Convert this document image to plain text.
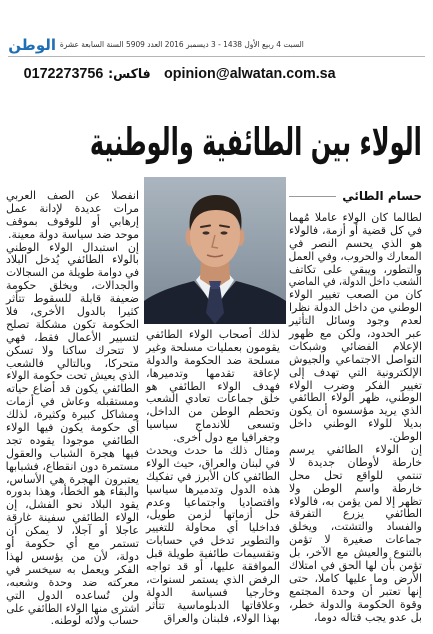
الوطن السبت 4 ربيع الأول 1438 - 3 ديسمبر 2016 العدد 5909 السنة السابعة عشرة
opinion@alwatan.com.saفاكس:0172273756
الولاء بين الطائفية والوطنية
حسام الطائي
لطالما كان الولاء عاملا مُهما
في كل قضية أو أزمة، فالولاء
هو الذي يحسم النصر في
المعارك والحروب، وفي العمل
والتطور، ويبقي على تكاتف
الشعب داخل الدولة، في الماضي
كان من الصعب تغيير الولاء
الوطني من داخل الدولة نظرا
لعدم وجود وسائل التأثير
عبر الحدود، ولكن مع ظهور
الإعلام الفضائي وشبكات
التواصل الاجتماعي والجيوش
الإلكترونية التي تهدف إلى
تغيير الفكر وضرب الولاء
الوطني، ظهر الولاء الطائفي
الذي يريد مؤسسوه أن يكون
بديلا للولاء الوطني داخل
الوطن.
إن الولاء الطائفي يرسم
خارطة لأوطان جديدة لا
تنتمي للواقع تحل محل
خارطة واسم الوطن ولا
تظهر إلا لمن يؤمن به، فالولاء
الطائفي يزرع التفرقة
والفساد والتشتت، ويخلق
جماعات صغيرة لا تؤمن
بالتنوع والعيش مع الآخر، بل
تؤمن بأن لها الحق في امتلاك
الأرض وما عليها كاملا، حتى
إنها تعتبر أن وحدة المجتمع
وقوة الحكومة والدولة خطر،
بل عدو يجب قتاله دوما،
لذلك أصحاب الولاء الطائفي
يقومون بعمليات مسلحة وغير
مسلحة ضد الحكومة والدولة
لإعاقة تقدمها وتدميرها،
فهدف الولاء الطائفي هو
خلق جماعات تعادي الشعب
وتحطم الوطن من الداخل،
وتسعى للاندماج سياسيا
وجغرافيا مع دول أخرى.
ومثال ذلك ما حدث ويحدث
في لبنان والعراق، حيث الولاء
الطائفي كان الأبرز في تفكيك
هذه الدول وتدميرها سياسيا
واقتصاديا واجتماعيا وعدم
حل أزماتها لزمن طويل،
فداخليا أي محاولة للتغيير
والتطوير تدخل في حسابات
وتقسيمات طائفية طويلة قبل
الموافقة عليها، أو قد تواجه
الرفض الذي يستمر لسنوات،
وخارجيا فسياسة الدولة
وعلاقاتها الدبلوماسية تتأثر
بهذا الولاء، فلبنان والعراق
انفصلا عن الصف العربي
مرات عديدة لإدانة عمل
إرهابي أو للوقوف بموقف
موحد ضد سياسة دولة معينة.
إن استبدال الولاء الوطني
بالولاء الطائفي يُدخل البلاد
في دوامة طويلة من السجالات
والجدالات، ويخلق حكومة
ضعيفة قابلة للسقوط تتأثر
كثيرا بالدول الأخرى، فلا
الحكومة تكون مشكلة تصلح
لتسيير الأعمال فقط، فهي
لا تتحرك ساكنا ولا تسكن
متحركا، وبالتالي فالشعب
الذي يعيش تحت حكومة الولاء
الطائفي يكون قد أضاع حياته
ومستقبله وعاش في أزمات
ومشاكل كبيرة وكثيرة، لذلك
أي حكومة يكون فيها الولاء
الطائفي موجودا يقوده تجد
فيها هجرة الشباب والعقول
مستمرة دون انقطاع، فشبابها
يعتبرون الهجرة هي الأساس،
والبقاء هو الخطأ، وهذا بدوره
يقود البلاد نحو الفشل، إن
الولاء الطائفي سفينة غارقة
عاجلا أو آجلا، لا يمكن أن
تستمر مع أي حكومة أو
دولة، لأن من يؤسس لهذا
الفكر ويعمل به سيخسر في
معركته ضد وحدة وشعبه،
ولن تُساعده الدول التي
اشترى منها الولاء الطائفي على
حساب ولائه لوطنه.
